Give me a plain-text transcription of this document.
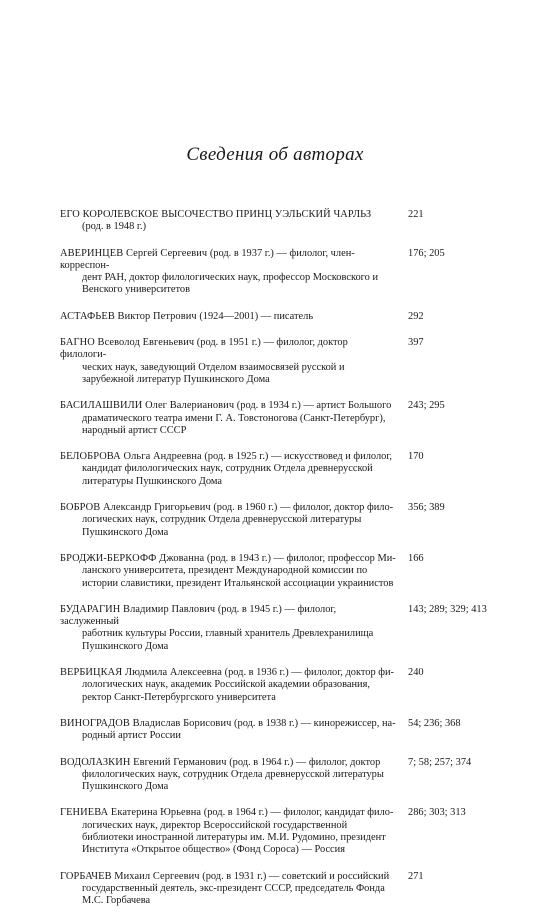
Сведения об авторах
ЕГО КОРОЛЕВСКОЕ ВЫСОЧЕСТВО ПРИНЦ УЭЛЬСКИЙ ЧАРЛЬЗ
(род. в 1948 г.)
221
АВЕРИНЦЕВ Сергей Сергеевич (род. в 1937 г.) — филолог, член-корреспон-
дент РАН, доктор филологических наук, профессор Московского и Венского университетов
176; 205
АСТАФЬЕВ Виктор Петрович (1924—2001) — писатель	292
БАГНО Всеволод Евгеньевич (род. в 1951 г.) — филолог, доктор филологи-
ческих наук, заведующий Отделом взаимосвязей русской и зарубежной литератур Пушкинского Дома
397
БАСИЛАШВИЛИ Олег Валерианович (род. в 1934 г.) — артист Большого
драматического театра имени Г. А. Товстоногова (Санкт-Петербург), народный артист СССР
243; 295
БЕЛОБРОВА Ольга Андреевна (род. в 1925 г.) — искусствовед и филолог,
кандидат филологических наук, сотрудник Отдела древнерусской литературы Пушкинского Дома
170
БОБРОВ Александр Григорьевич (род. в 1960 г.) — филолог, доктор фило-
логических наук, сотрудник Отдела древнерусской литературы Пушкинского Дома
356; 389
БРОДЖИ-БЕРКОФФ Джованна (род. в 1943 г.) — филолог, профессор Ми-
ланского университета, президент Международной комиссии по истории славистики, президент Итальянской ассоциации украинистов
166
БУДАРАГИН Владимир Павлович (род. в 1945 г.) — филолог, заслуженный
работник культуры России, главный хранитель Древлехранилища Пушкинского Дома
143; 289; 329; 413
ВЕРБИЦКАЯ Людмила Алексеевна (род. в 1936 г.) — филолог, доктор фи-
лологических наук, академик Российской академии образования, ректор Санкт-Петербургского университета
240
ВИНОГРАДОВ Владислав Борисович (род. в 1938 г.) — кинорежиссер, на-
родный артист России
54; 236; 368
ВОДОЛАЗКИН Евгений Германович (род. в 1964 г.) — филолог, доктор
филологических наук, сотрудник Отдела древнерусской литературы Пушкинского Дома
7; 58; 257; 374
ГЕНИЕВА Екатерина Юрьевна (род. в 1964 г.) — филолог, кандидат фило-
логических наук, директор Всероссийской государственной библиотеки иностранной литературы им. М.И. Рудомино, президент Института «Открытое общество» (Фонд Сороса) — Россия
286; 303; 313
ГОРБАЧЕВ Михаил Сергеевич (род. в 1931 г.) — советский и российский
государственный деятель, экс-президент СССР, председатель Фонда М.С. Горбачева
271
